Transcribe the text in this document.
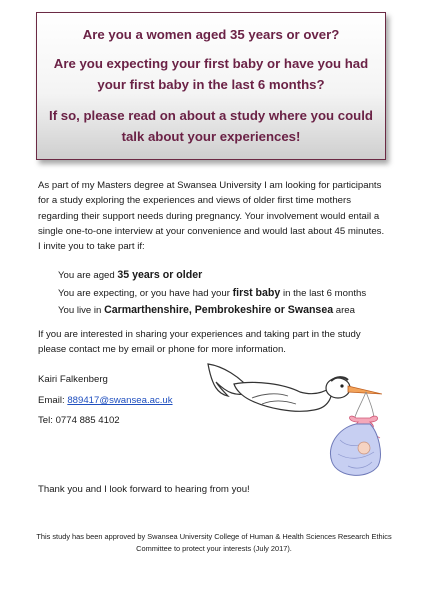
Are you a women aged 35 years or over?
Are you expecting your first baby or have you had your first baby in the last 6 months?
If so, please read on about a study where you could talk about your experiences!
As part of my Masters degree at Swansea University I am looking for participants for a study exploring the experiences and views of older first time mothers regarding their support needs during pregnancy. Your involvement would entail a single one-to-one interview at your convenience and would last about 45 minutes. I invite you to take part if:
You are aged 35 years or older
You are expecting, or you have had your first baby in the last 6 months
You live in Carmarthenshire, Pembrokeshire or Swansea area
If you are interested in sharing your experiences and taking part in the study please contact me by email or phone for more information.
Kairi Falkenberg
Email: 889417@swansea.ac.uk
Tel: 0774 885 4102
Thank you and I look forward to hearing from you!
This study has been approved by Swansea University College of Human & Health Sciences Research Ethics Committee to protect your interests (July 2017).
